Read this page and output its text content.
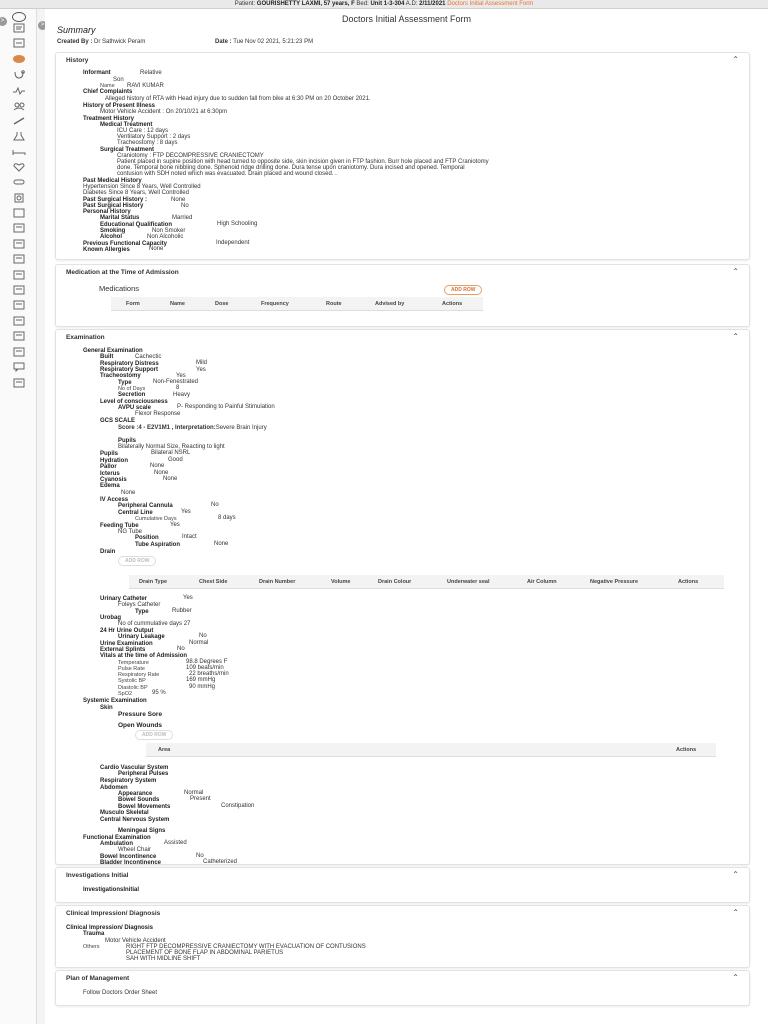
Patient: GOURISHETTY LAXMI, 57 years, F Bed: Unit 1-3-304 A.D: 2/11/2021 Doctors Initial Assessment Form
>
>
Doctors Initial Assessment Form
Summary
Created By : Dr Sathwick Peram	Date : Tue Nov 02 2021, 5:21:23 PM
History	⌃
Informant	Relative
Son
Name RAVI KUMAR
Chief Complaints
Alleged history of RTA with Head injury due to sudden fall from bike at 6:30 PM on 20 October 2021.
History of Present Illness
Motor Vehicle Accident : On 20/10/21 at 6:30pm
Treatment History
Medical Treatment
ICU Care : 12 days
Ventilatory Support : 2 days
Tracheostomy : 8 days
Surgical Treatment
Craniotomy : FTP DECOMPRESSIVE CRANIECTOMY
Patient placed in supine position with head turned to opposite side, skin incision given in FTP fashion. Burr hole placed and FTP Craniotomy
done. Temporal bone nibbling done. Sphenoid ridge drilling done. Dura tense upon craniotomy. Dura incised and opened. Temporal
contusion with SDH noted which was evacuated. Drain placed and wound closed. .
Past Medical History
Hypertension Since 8 Years, Well Controlled
Diabetes Since 8 Years, Well Controlled
Past Surgical History :	None
Past Surgical History	No
Personal History
Marital Status	Married
Educational Qualification	High Schooling
Smoking	Non Smoker
Alcohol	Non Alcoholic
Previous Functional Capacity	Independent
Known Allergies	None
Medication at the Time of Admission	⌃
Medications	ADD ROW
Form	Name	Dose	Frequency	Route	Advised by	Actions
Examination	⌃
General Examination
Built	Cachectic
Respiratory Distress	Mild
Respiratory Support	Yes
Tracheostomy	Yes
Type	Non-Fenestrated
No of Days	8
Secretion	Heavy
Level of consciousness
AVPU scale	P- Responding to Painful Stimulation
Flexor Response
GCS SCALE
Score :4 - E2V1M1 , Interpretation:Severe Brain Injury
Pupils
Bilaterally Normal Size, Reacting to light
Pupils	Bilateral NSRL
Hydration	Good
Pallor	None
Icterus	None
Cyanosis	None
Edema
None
IV Access
Peripheral Cannula	No
Central Line	Yes
Cumulative Days	8 days
Feeding Tube	Yes
NG Tube
Position	Intact
Tube Aspiration	None
Drain
ADD ROW
Drain Type	Chest Side	Drain Number	Volume	Drain Colour	Underwater seal	Air Column	Negative Pressure	Actions
Urinary Catheter	Yes
Foleys Catheter
Type	Rubber
Urobag
No of cummulative days 27
24 Hr Urine Output
Urinary Leakage	No
Urine Examination	Normal
External Splints	No
Vitals at the time of Admission
Temperature	98.8 Degrees F
Pulse Rate	109 beats/min
Respiratory Rate	22 breaths/min
Systolic BP	169 mmHg
Diastolic BP	90 mmHg
SpO2	95 %
Systemic Examination
Skin
Pressure Sore
Open Wounds
ADD ROW
Area	Actions
Cardio Vascular System
Peripheral Pulses
Respiratory System
Abdomen
Appearance	Normal
Bowel Sounds	Present
Bowel Movements	Constipation
Musculo Skeletal
Central Nervous System
Meningeal Signs
Functional Examination
Ambulation	Assisted
Wheel Chair
Bowel Incontinence	No
Bladder Incontinence	Catheterized
Investigations Initial	⌃
InvestigationsInitial
Clinical Impression/ Diagnosis	⌃
Clinical Impression/ Diagnosis
Trauma
Motor Vehicle Accident
Others	RIGHT FTP DECOMPRESSIVE CRANIECTOMY WITH EVACUATION OF CONTUSIONS
PLACEMENT OF BONE FLAP IN ABDOMINAL PARIETUS
SAH WITH MIDLINE SHIFT
Plan of Management	⌃
Follow Doctors Order Sheet
